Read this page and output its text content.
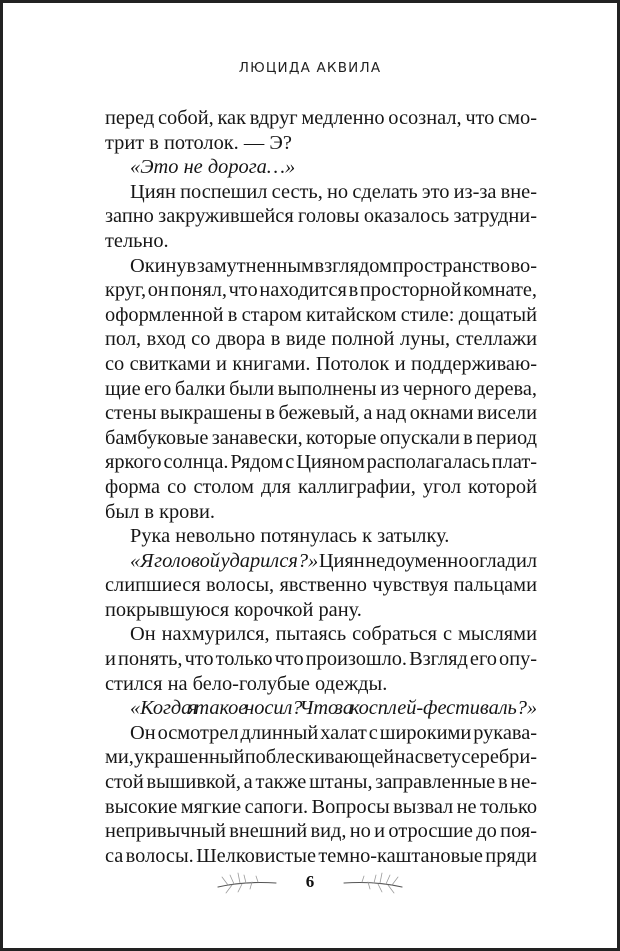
ЛЮЦИДА АКВИЛА
перед собой, как вдруг медленно осознал, что смо-
трит в потолок. — Э?
«Это не дорога…»
Циян поспешил сесть, но сделать это из-за вне-
запно закружившейся головы оказалось затрудни-
тельно.
Окинув замутненным взглядом пространство во-
круг, он понял, что находится в просторной комнате,
оформленной в старом китайском стиле: дощатый
пол, вход со двора в виде полной луны, стеллажи
со свитками и книгами. Потолок и поддерживаю-
щие его балки были выполнены из черного дерева,
стены выкрашены в бежевый, а над окнами висели
бамбуковые занавески, которые опускали в период
яркого солнца. Рядом с Цияном располагалась плат-
форма со столом для каллиграфии, угол которой
был в крови.
Рука невольно потянулась к затылку.
«Я головой ударился?» Циян недоуменно огладил
слипшиеся волосы, явственно чувствуя пальцами
покрывшуюся корочкой рану.
Он нахмурился, пытаясь собраться с мыслями
и понять, что только что произошло. Взгляд его опу-
стился на бело-голубые одежды.
«Когда я такое носил? Что за косплей-фестиваль?»
Он осмотрел длинный халат с широкими рукава-
ми, украшенный поблескивающей на свету серебри-
стой вышивкой, а также штаны, заправленные в не-
высокие мягкие сапоги. Вопросы вызвал не только
непривычный внешний вид, но и отросшие до поя-
са волосы. Шелковистые темно-каштановые пряди
6
